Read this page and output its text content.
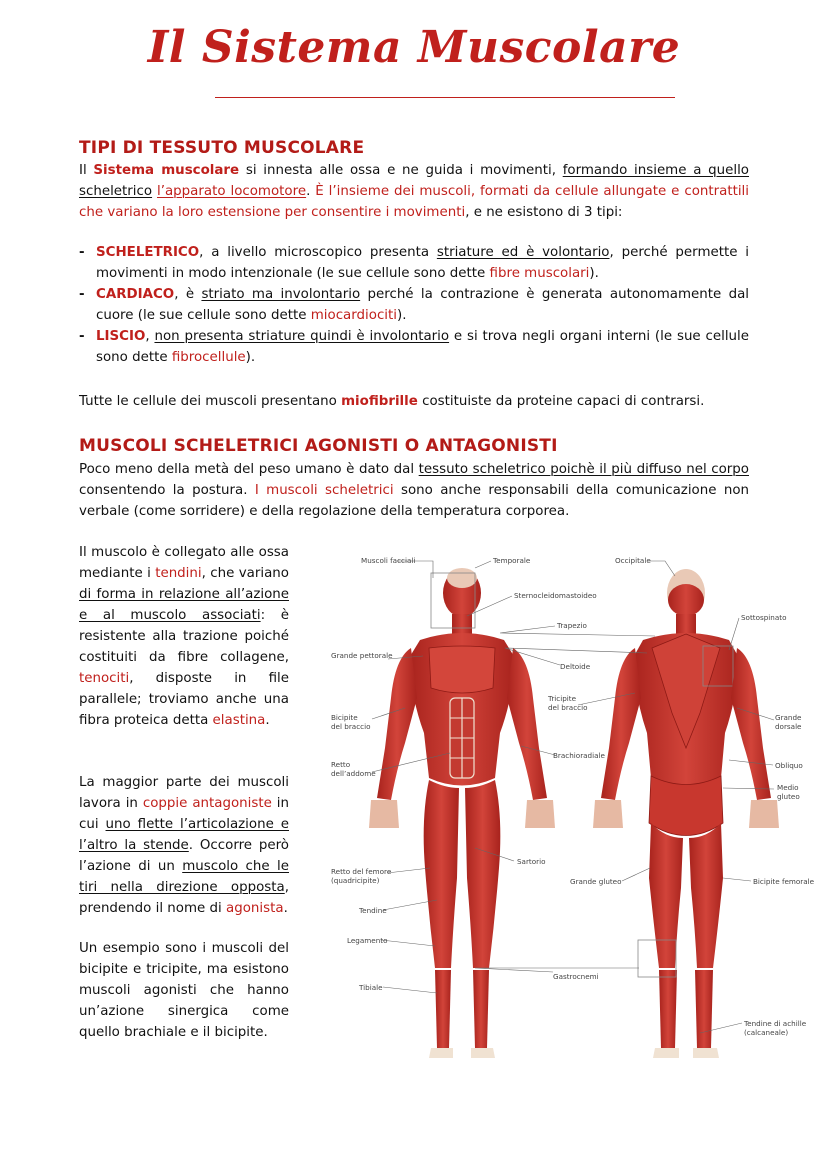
Il Sistema Muscolare
TIPI DI TESSUTO MUSCOLARE

Il Sistema muscolare si innesta alle ossa e ne guida i movimenti, formando insieme a quello scheletrico l’apparato locomotore. È l’insieme dei muscoli, formati da cellule allungate e contrattili che variano la loro estensione per consentire i movimenti, e ne esistono di 3 tipi:

- SCHELETRICO, a livello microscopico presenta striature ed è volontario, perché permette i movimenti in modo intenzionale (le sue cellule sono dette fibre muscolari).
- CARDIACO, è striato ma involontario perché la contrazione è generata autonomamente dal cuore (le sue cellule sono dette miocardiociti).
- LISCIO, non presenta striature quindi è involontario e si trova negli organi interni (le sue cellule sono dette fibrocellule).

Tutte le cellule dei muscoli presentano miofibrille costituiste da proteine capaci di contrarsi.

MUSCOLI SCHELETRICI AGONISTI O ANTAGONISTI

Poco meno della metà del peso umano è dato dal tessuto scheletrico poichè il più diffuso nel corpo consentendo la postura. I muscoli scheletrici sono anche responsabili della comunicazione non verbale (come sorridere) e della regolazione della temperatura corporea.

Il muscolo è collegato alle ossa mediante i tendini, che variano di forma in relazione all’azione e al muscolo associati: è resistente alla trazione poiché costituiti da fibre collagene, tenociti, disposte in file parallele; troviamo anche una fibra proteica detta elastina.

La maggior parte dei muscoli lavora in coppie antagoniste in cui uno flette l’articolazione e l’altro la stende. Occorre però l’azione di un muscolo che le tiri nella direzione opposta, prendendo il nome di agonista.

Un esempio sono i muscoli del bicipite e tricipite, ma esistono muscoli agonisti che hanno un’azione sinergica come quello brachiale e il bicipite.

Muscoli facciali	Temporale	Occipitale
Sternocleidomastoideo
Sottospinato
Trapezio
Grande pettorale
Deltoide
Tricipite
del braccio
Bicipite
del braccio
Grande
dorsale
Brachioradiale
Retto
dell’addome
Obliquo
Medio
gluteo
Sartorio
Retto del femore
(quadricipite)	Grande gluteo	Bicipite femorale
Tendine
Legamento
Gastrocnemi
Tibiale
Tendine di achille
(calcaneale)
